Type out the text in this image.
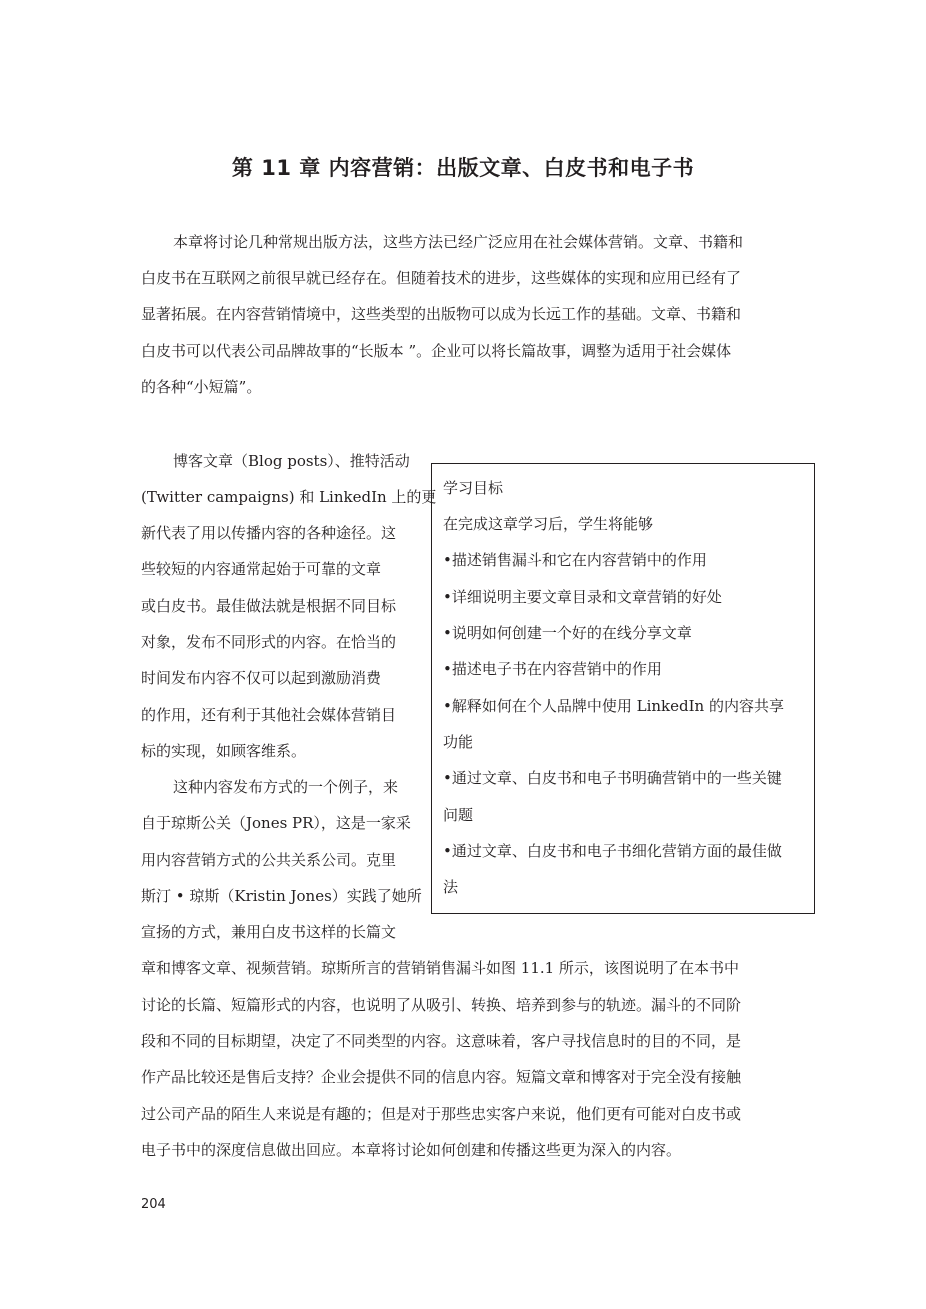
第 11 章 内容营销：出版文章、白皮书和电子书

本章将讨论几种常规出版方法，这些方法已经广泛应用在社会媒体营销。文章、书籍和

白皮书在互联网之前很早就已经存在。但随着技术的进步，这些媒体的实现和应用已经有了

显著拓展。在内容营销情境中，这些类型的出版物可以成为长远工作的基础。文章、书籍和

白皮书可以代表公司品牌故事的“长版本 ”。企业可以将长篇故事，调整为适用于社会媒体

的各种“小短篇”。

博客文章（Blog posts）、推特活动

(Twitter campaigns) 和 LinkedIn 上的更

新代表了用以传播内容的各种途径。这

些较短的内容通常起始于可靠的文章

或白皮书。最佳做法就是根据不同目标

对象，发布不同形式的内容。在恰当的

时间发布内容不仅可以起到激励消费

的作用，还有利于其他社会媒体营销目

标的实现，如顾客维系。

这种内容发布方式的一个例子，来

自于琼斯公关（Jones PR），这是一家采

用内容营销方式的公共关系公司。克里

斯汀 • 琼斯（Kristin Jones）实践了她所

宣扬的方式，兼用白皮书这样的长篇文

学习目标

在完成这章学习后，学生将能够

•描述销售漏斗和它在内容营销中的作用

•详细说明主要文章目录和文章营销的好处

•说明如何创建一个好的在线分享文章

•描述电子书在内容营销中的作用

•解释如何在个人品牌中使用 LinkedIn 的内容共享

功能

•通过文章、白皮书和电子书明确营销中的一些关键

问题

•通过文章、白皮书和电子书细化营销方面的最佳做

法

章和博客文章、视频营销。琼斯所言的营销销售漏斗如图 11.1 所示，该图说明了在本书中

讨论的长篇、短篇形式的内容，也说明了从吸引、转换、培养到参与的轨迹。漏斗的不同阶

段和不同的目标期望，决定了不同类型的内容。这意味着，客户寻找信息时的目的不同，是

作产品比较还是售后支持？企业会提供不同的信息内容。短篇文章和博客对于完全没有接触

过公司产品的陌生人来说是有趣的；但是对于那些忠实客户来说，他们更有可能对白皮书或

电子书中的深度信息做出回应。本章将讨论如何创建和传播这些更为深入的内容。

204
